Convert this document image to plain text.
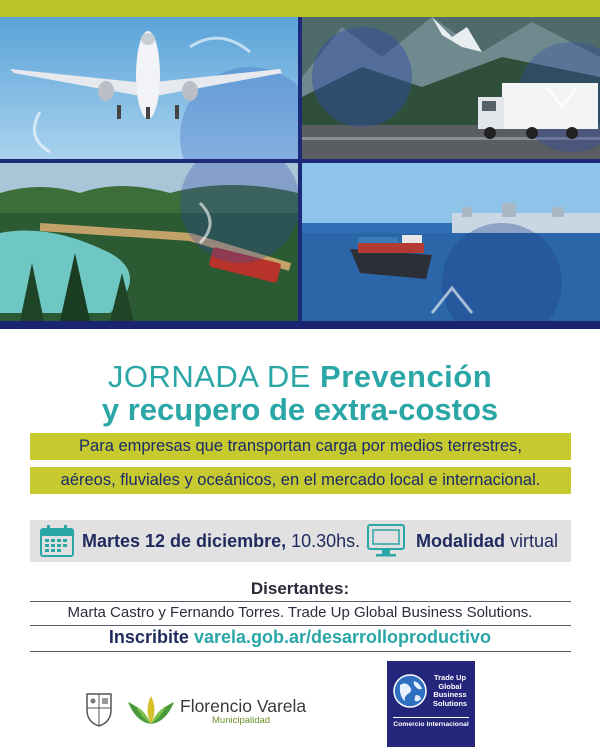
JORNADA DE Prevención
y recupero de extra-costos
Para empresas que transportan carga por medios terrestres,
aéreos, fluviales y oceánicos, en el mercado local e internacional.
Martes 12 de diciembre, 10.30hs.	Modalidad virtual
Disertantes:
Marta Castro y Fernando Torres. Trade Up Global Business Solutions.
Inscribite varela.gob.ar/desarrolloproductivo
Florencio Varela
Municipalidad
Trade Up
Global
Business
Solutions
Comercio Internacional
